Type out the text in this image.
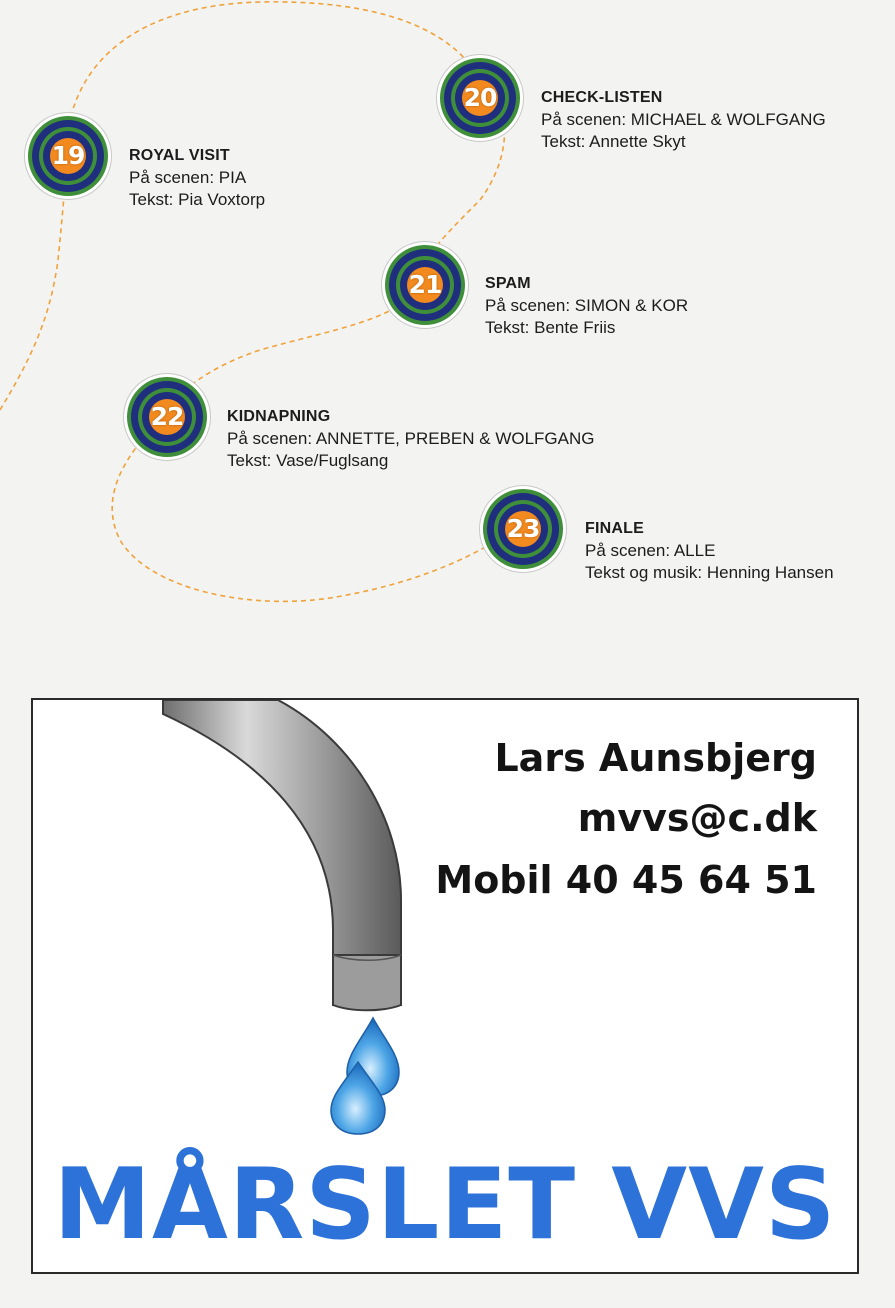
19	ROYAL VISIT
På scenen: PIA
Tekst: Pia Voxtorp
20	CHECK-LISTEN
På scenen: MICHAEL & WOLFGANG
Tekst: Annette Skyt
21	SPAM
På scenen: SIMON & KOR
Tekst: Bente Friis
22	KIDNAPNING
På scenen: ANNETTE, PREBEN & WOLFGANG
Tekst: Vase/Fuglsang
23	FINALE
På scenen: ALLE
Tekst og musik: Henning Hansen
Lars Aunsbjerg
mvvs@c.dk
Mobil 40 45 64 51
MÅRSLET VVS
